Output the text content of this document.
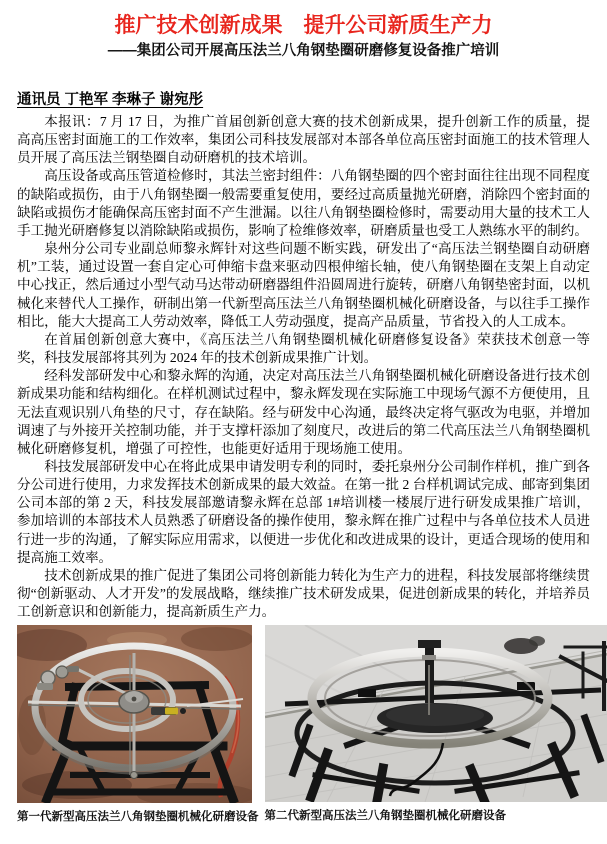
推广技术创新成果　提升公司新质生产力
——集团公司开展高压法兰八角钢垫圈研磨修复设备推广培训
通讯员 丁艳军 李琳子 谢宛彤

本报讯：7 月 17 日，为推广首届创新创意大赛的技术创新成果，提升创新工作的质量，提高高压密封面施工的工作效率，集团公司科技发展部对本部各单位高压密封面施工的技术管理人员开展了高压法兰钢垫圈自动研磨机的技术培训。

高压设备或高压管道检修时，其法兰密封组件：八角钢垫圈的四个密封面往往出现不同程度的缺陷或损伤，由于八角钢垫圈一般需要重复使用，要经过高质量抛光研磨，消除四个密封面的缺陷或损伤才能确保高压密封面不产生泄漏。以往八角钢垫圈检修时，需要动用大量的技术工人手工抛光研磨修复以消除缺陷或损伤，影响了检维修效率，研磨质量也受工人熟练水平的制约。

泉州分公司专业副总师黎永辉针对这些问题不断实践，研发出了“高压法兰钢垫圈自动研磨机”工装，通过设置一套自定心可伸缩卡盘来驱动四根伸缩长轴，使八角钢垫圈在支架上自动定中心找正，然后通过小型气动马达带动研磨器组件沿圆周进行旋转，研磨八角钢垫密封面，以机械化来替代人工操作，研制出第一代新型高压法兰八角钢垫圈机械化研磨设备，与以往手工操作相比，能大大提高工人劳动效率，降低工人劳动强度，提高产品质量，节省投入的人工成本。

在首届创新创意大赛中，《高压法兰八角钢垫圈机械化研磨修复设备》荣获技术创意一等奖，科技发展部将其列为 2024 年的技术创新成果推广计划。

经科发部研发中心和黎永辉的沟通，决定对高压法兰八角钢垫圈机械化研磨设备进行技术创新成果功能和结构细化。在样机测试过程中，黎永辉发现在实际施工中现场气源不方便使用，且无法直观识别八角垫的尺寸，存在缺陷。经与研发中心沟通，最终决定将气驱改为电驱，并增加调速了与外接开关控制功能，并于支撑杆添加了刻度尺，改进后的第二代高压法兰八角钢垫圈机械化研磨修复机，增强了可控性，也能更好适用于现场施工使用。

科技发展部研发中心在将此成果申请发明专利的同时，委托泉州分公司制作样机，推广到各分公司进行使用，力求发挥技术创新成果的最大效益。在第一批 2 台样机调试完成、邮寄到集团公司本部的第 2 天，科技发展部邀请黎永辉在总部 1#培训楼一楼展厅进行研发成果推广培训，参加培训的本部技术人员熟悉了研磨设备的操作使用，黎永辉在推广过程中与各单位技术人员进行进一步的沟通，了解实际应用需求，以便进一步优化和改进成果的设计，更适合现场的使用和提高施工效率。

技术创新成果的推广促进了集团公司将创新能力转化为生产力的进程，科技发展部将继续贯彻“创新驱动、人才开发”的发展战略，继续推广技术研发成果，促进创新成果的转化，并培养员工创新意识和创新能力，提高新质生产力。

第一代新型高压法兰八角钢垫圈机械化研磨设备 第二代新型高压法兰八角钢垫圈机械化研磨设备
